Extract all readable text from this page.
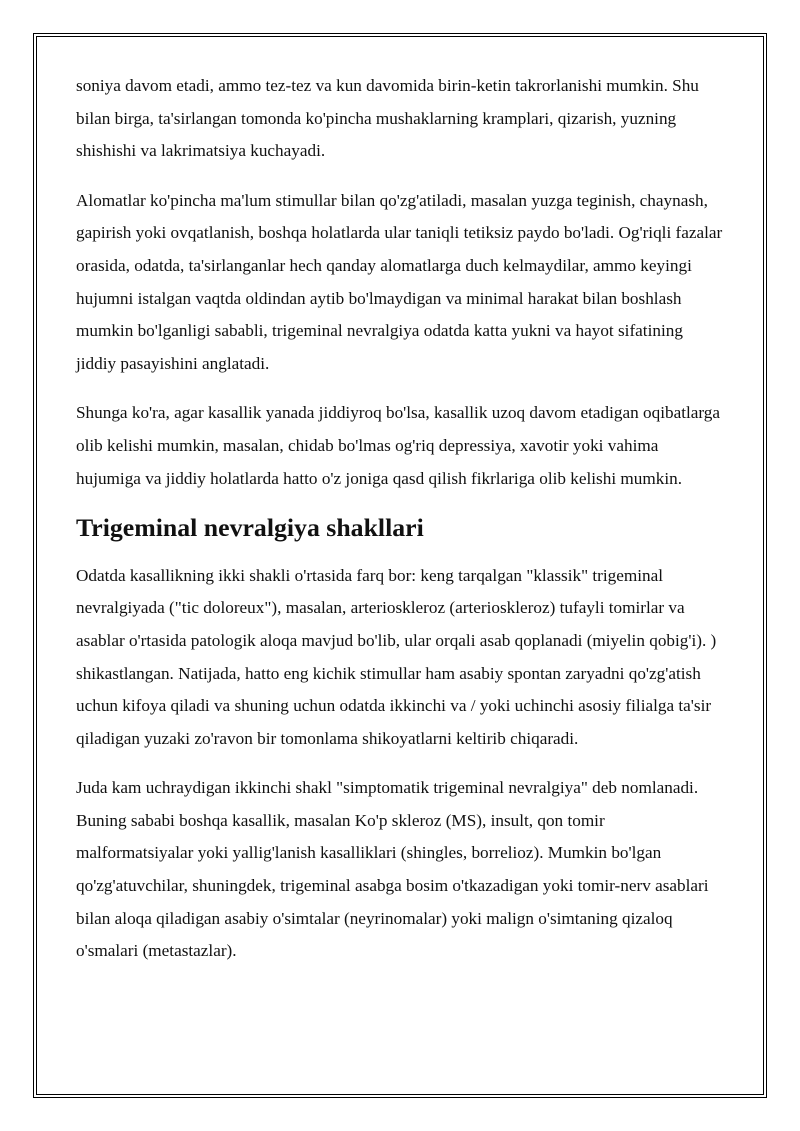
soniya davom etadi, ammo tez-tez va kun davomida birin-ketin takrorlanishi mumkin. Shu bilan birga, ta'sirlangan tomonda ko'pincha mushaklarning kramplari, qizarish, yuzning shishishi va lakrimatsiya kuchayadi.

Alomatlar ko'pincha ma'lum stimullar bilan qo'zg'atiladi, masalan yuzga teginish, chaynash, gapirish yoki ovqatlanish, boshqa holatlarda ular taniqli tetiksiz paydo bo'ladi. Og'riqli fazalar orasida, odatda, ta'sirlanganlar hech qanday alomatlarga duch kelmaydilar, ammo keyingi hujumni istalgan vaqtda oldindan aytib bo'lmaydigan va minimal harakat bilan boshlash mumkin bo'lganligi sababli, trigeminal nevralgiya odatda katta yukni va hayot sifatining jiddiy pasayishini anglatadi.

Shunga ko'ra, agar kasallik yanada jiddiyroq bo'lsa, kasallik uzoq davom etadigan oqibatlarga olib kelishi mumkin, masalan, chidab bo'lmas og'riq depressiya, xavotir yoki vahima hujumiga va jiddiy holatlarda hatto o'z joniga qasd qilish fikrlariga olib kelishi mumkin.

Trigeminal nevralgiya shakllari

Odatda kasallikning ikki shakli o'rtasida farq bor: keng tarqalgan "klassik" trigeminal nevralgiyada ("tic doloreux"), masalan, arterioskleroz (arterioskleroz) tufayli tomirlar va asablar o'rtasida patologik aloqa mavjud bo'lib, ular orqali asab qoplanadi (miyelin qobig'i). ) shikastlangan. Natijada, hatto eng kichik stimullar ham asabiy spontan zaryadni qo'zg'atish uchun kifoya qiladi va shuning uchun odatda ikkinchi va / yoki uchinchi asosiy filialga ta'sir qiladigan yuzaki zo'ravon bir tomonlama shikoyatlarni keltirib chiqaradi.

Juda kam uchraydigan ikkinchi shakl "simptomatik trigeminal nevralgiya" deb nomlanadi. Buning sababi boshqa kasallik, masalan Ko'p skleroz (MS), insult, qon tomir malformatsiyalar yoki yallig'lanish kasalliklari (shingles, borrelioz). Mumkin bo'lgan qo'zg'atuvchilar, shuningdek, trigeminal asabga bosim o'tkazadigan yoki tomir-nerv asablari bilan aloqa qiladigan asabiy o'simtalar (neyrinomalar) yoki malign o'simtaning qizaloq o'smalari (metastazlar).
